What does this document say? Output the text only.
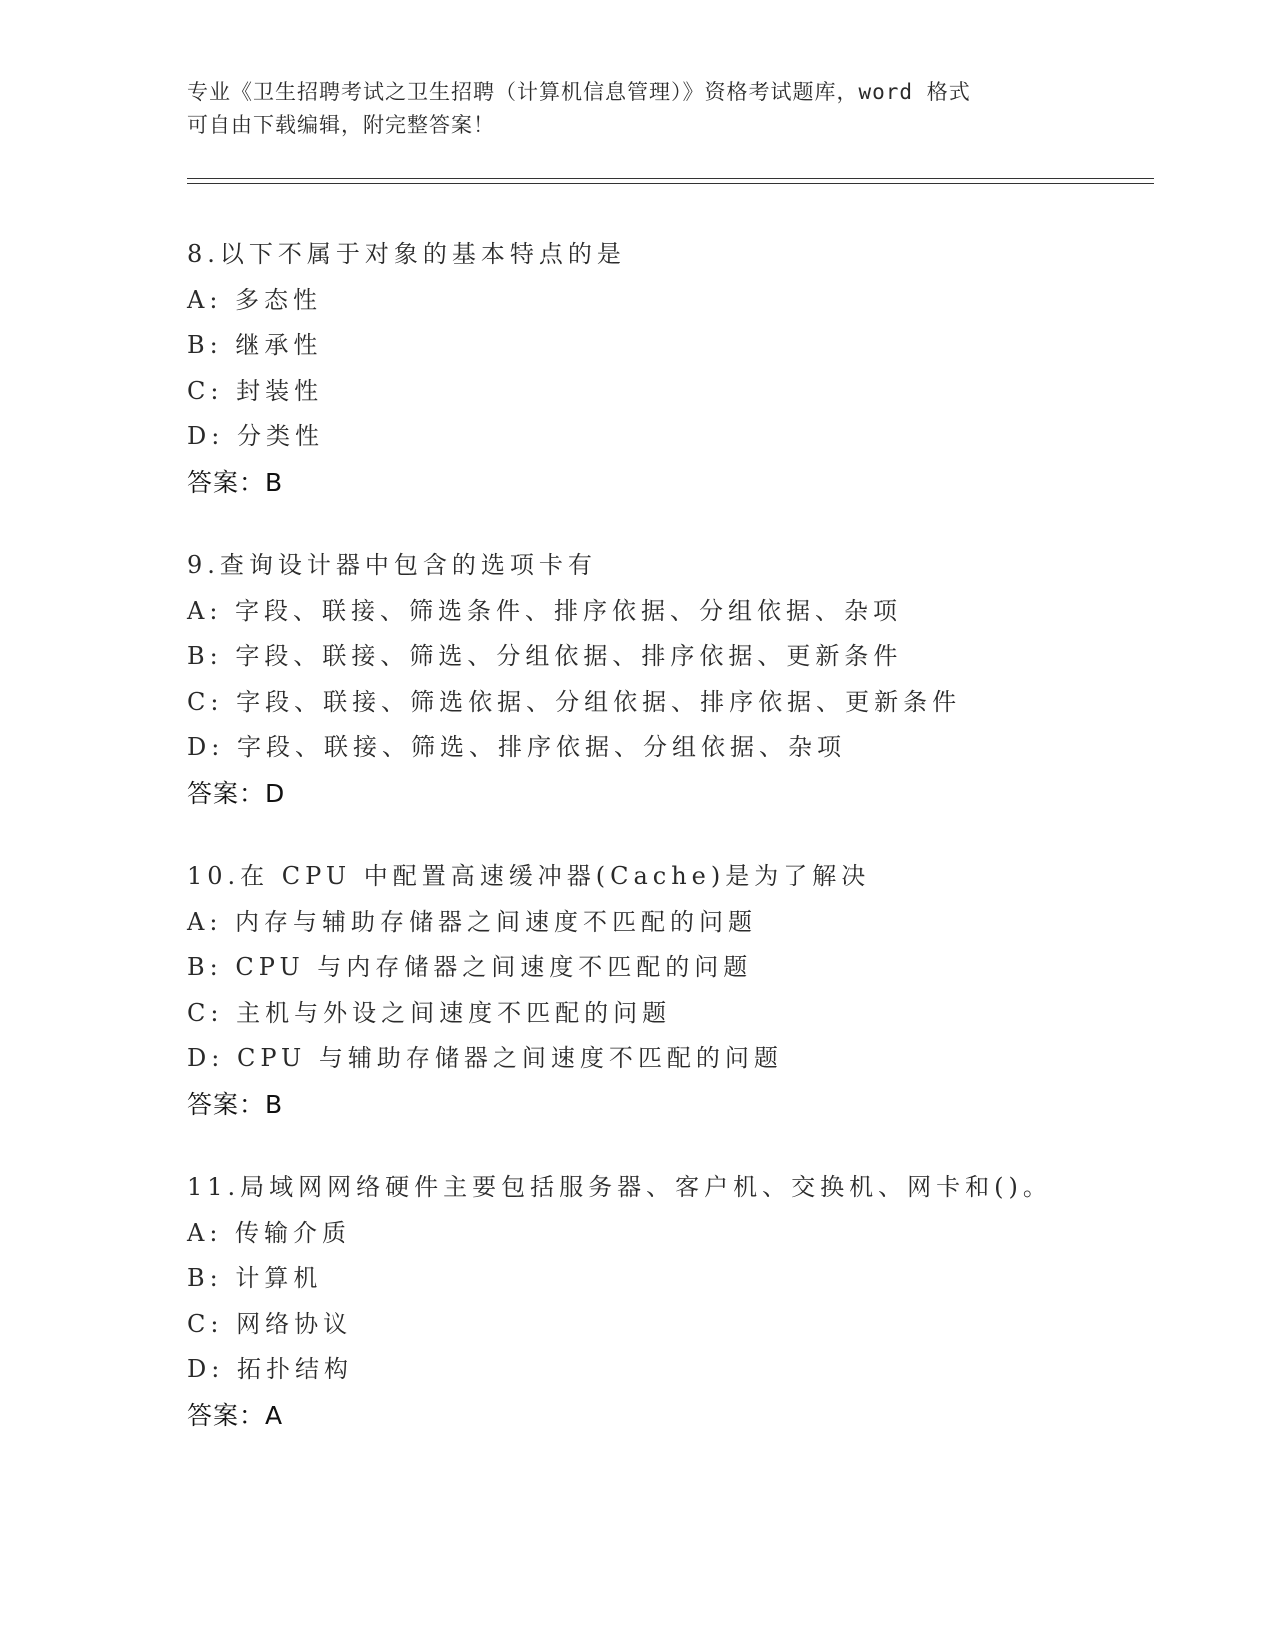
专业《卫生招聘考试之卫生招聘（计算机信息管理）》资格考试题库，word 格式
可自由下载编辑，附完整答案！
8.以下不属于对象的基本特点的是
A: 多态性
B: 继承性
C: 封装性
D: 分类性
答案：B
9.查询设计器中包含的选项卡有
A: 字段、联接、筛选条件、排序依据、分组依据、杂项
B: 字段、联接、筛选、分组依据、排序依据、更新条件
C: 字段、联接、筛选依据、分组依据、排序依据、更新条件
D: 字段、联接、筛选、排序依据、分组依据、杂项
答案：D
10.在 CPU 中配置高速缓冲器(Cache)是为了解决
A: 内存与辅助存储器之间速度不匹配的问题
B: CPU 与内存储器之间速度不匹配的问题
C: 主机与外设之间速度不匹配的问题
D: CPU 与辅助存储器之间速度不匹配的问题
答案：B
11.局域网网络硬件主要包括服务器、客户机、交换机、网卡和()。
A: 传输介质
B: 计算机
C: 网络协议
D: 拓扑结构
答案：A
